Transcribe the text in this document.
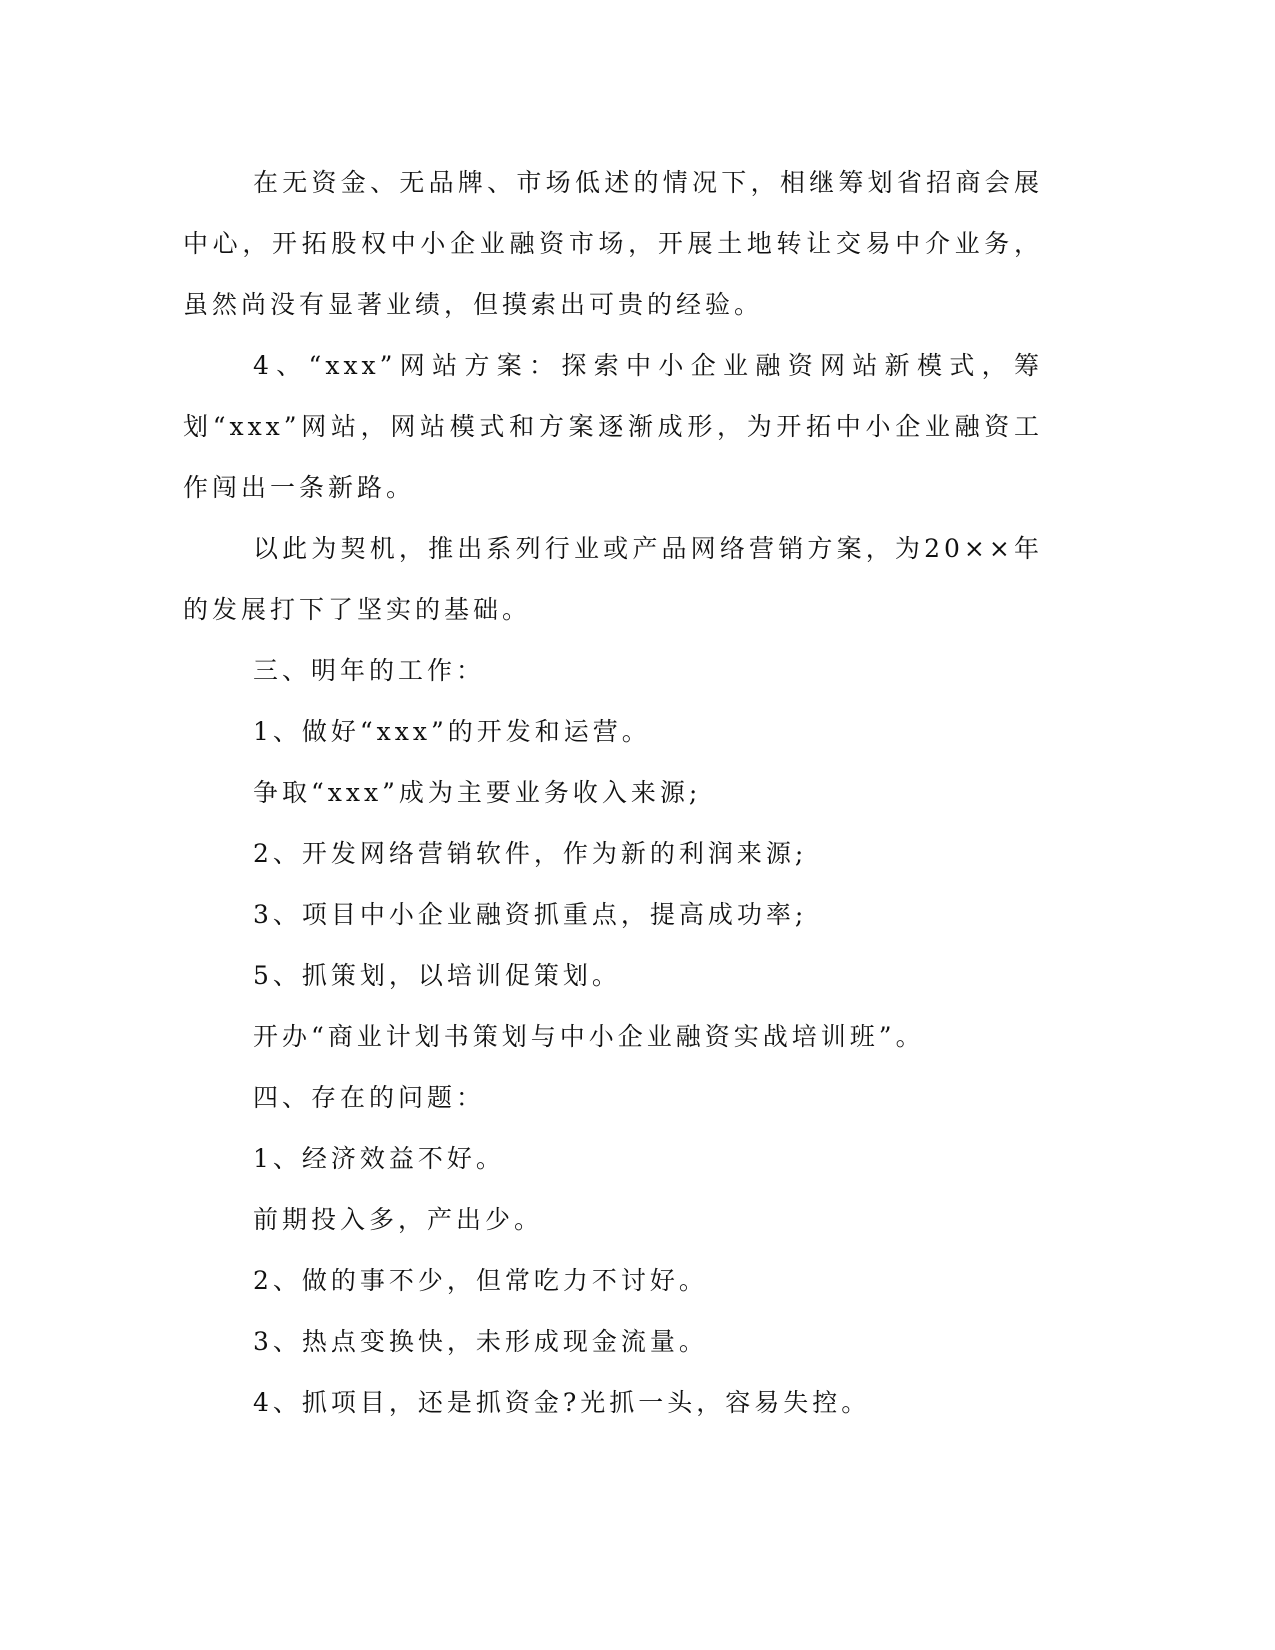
在无资金、无品牌、市场低述的情况下，相继筹划省招商会展中心，开拓股权中小企业融资市场，开展土地转让交易中介业务，虽然尚没有显著业绩，但摸索出可贵的经验。

4、“xxx”网站方案：探索中小企业融资网站新模式，筹划“xxx”网站，网站模式和方案逐渐成形，为开拓中小企业融资工作闯出一条新路。

以此为契机，推出系列行业或产品网络营销方案，为20××年的发展打下了坚实的基础。

三、明年的工作：

1、做好“xxx”的开发和运营。

争取“xxx”成为主要业务收入来源;

2、开发网络营销软件，作为新的利润来源;

3、项目中小企业融资抓重点，提高成功率;

5、抓策划，以培训促策划。

开办“商业计划书策划与中小企业融资实战培训班”。

四、存在的问题：

1、经济效益不好。

前期投入多，产出少。

2、做的事不少，但常吃力不讨好。

3、热点变换快，未形成现金流量。

4、抓项目，还是抓资金?光抓一头，容易失控。
